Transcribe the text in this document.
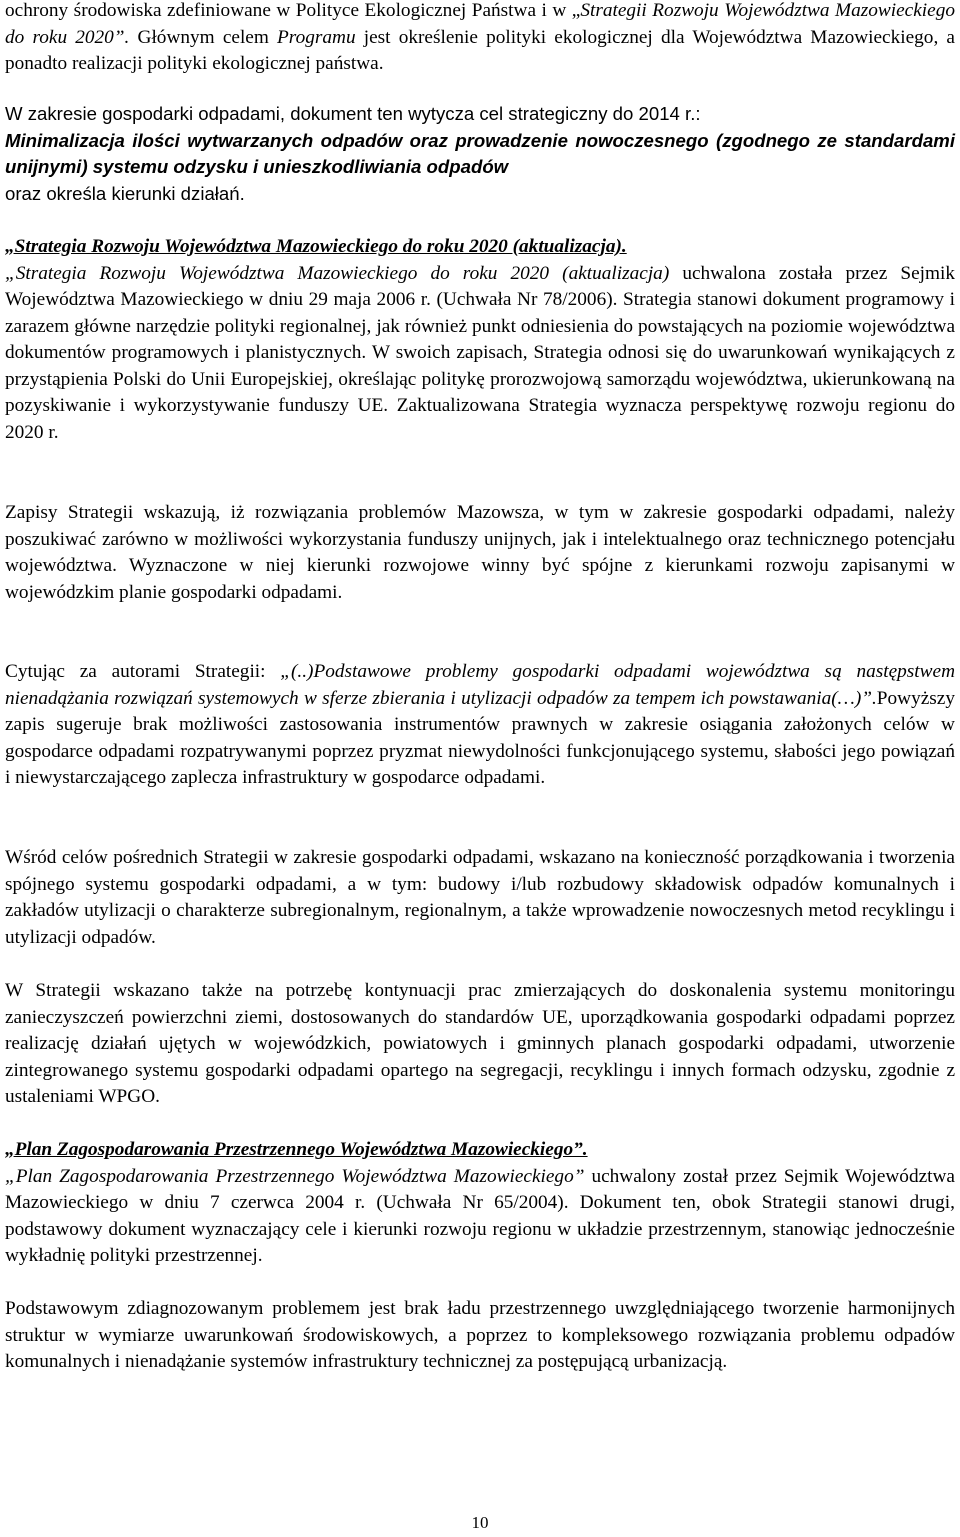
ochrony środowiska zdefiniowane w Polityce Ekologicznej Państwa i w „Strategii Rozwoju Województwa Mazowieckiego do roku 2020”. Głównym celem Programu jest określenie polityki ekologicznej dla Województwa Mazowieckiego, a ponadto realizacji polityki ekologicznej państwa.

W zakresie gospodarki odpadami, dokument ten wytycza cel strategiczny do 2014 r.:

Minimalizacja ilości wytwarzanych odpadów oraz prowadzenie nowoczesnego (zgodnego ze standardami unijnymi) systemu odzysku i unieszkodliwiania odpadów

oraz określa kierunki działań.

„Strategia Rozwoju Województwa Mazowieckiego do roku 2020 (aktualizacja).

„Strategia Rozwoju Województwa Mazowieckiego do roku 2020 (aktualizacja) uchwalona została przez Sejmik Województwa Mazowieckiego w dniu 29 maja 2006 r. (Uchwała Nr 78/2006). Strategia stanowi dokument programowy i zarazem główne narzędzie polityki regionalnej, jak również punkt odniesienia do powstających na poziomie województwa dokumentów programowych i planistycznych. W swoich zapisach, Strategia odnosi się do uwarunkowań wynikających z przystąpienia Polski do Unii Europejskiej, określając politykę prorozwojową samorządu województwa, ukierunkowaną na pozyskiwanie i wykorzystywanie funduszy UE. Zaktualizowana Strategia wyznacza perspektywę rozwoju regionu do 2020 r.

Zapisy Strategii wskazują, iż rozwiązania problemów Mazowsza, w tym w zakresie gospodarki odpadami, należy poszukiwać zarówno w możliwości wykorzystania funduszy unijnych, jak i intelektualnego oraz technicznego potencjału województwa. Wyznaczone w niej kierunki rozwojowe winny być spójne z kierunkami rozwoju zapisanymi w wojewódzkim planie gospodarki odpadami.

Cytując za autorami Strategii: „(..)Podstawowe problemy gospodarki odpadami województwa są następstwem nienadążania rozwiązań systemowych w sferze zbierania i utylizacji odpadów za tempem ich powstawania(…)”.Powyższy zapis sugeruje brak możliwości zastosowania instrumentów prawnych w zakresie osiągania założonych celów w gospodarce odpadami rozpatrywanymi poprzez pryzmat niewydolności funkcjonującego systemu, słabości jego powiązań i niewystarczającego zaplecza infrastruktury w gospodarce odpadami.

Wśród celów pośrednich Strategii w zakresie gospodarki odpadami, wskazano na konieczność porządkowania i tworzenia spójnego systemu gospodarki odpadami, a w tym: budowy i/lub rozbudowy składowisk odpadów komunalnych i zakładów utylizacji o charakterze subregionalnym, regionalnym, a także wprowadzenie nowoczesnych metod recyklingu i utylizacji odpadów.

W Strategii wskazano także na potrzebę kontynuacji prac zmierzających do doskonalenia systemu monitoringu zanieczyszczeń powierzchni ziemi, dostosowanych do standardów UE, uporządkowania gospodarki odpadami poprzez realizację działań ujętych w wojewódzkich, powiatowych i gminnych planach gospodarki odpadami, utworzenie zintegrowanego systemu gospodarki odpadami opartego na segregacji, recyklingu i innych formach odzysku, zgodnie z ustaleniami WPGO.

„Plan Zagospodarowania Przestrzennego Województwa Mazowieckiego”.

„Plan Zagospodarowania Przestrzennego Województwa Mazowieckiego” uchwalony został przez Sejmik Województwa Mazowieckiego w dniu 7 czerwca 2004 r. (Uchwała Nr 65/2004). Dokument ten, obok Strategii stanowi drugi, podstawowy dokument wyznaczający cele i kierunki rozwoju regionu w układzie przestrzennym, stanowiąc jednocześnie wykładnię polityki przestrzennej.

Podstawowym zdiagnozowanym problemem jest brak ładu przestrzennego uwzględniającego tworzenie harmonijnych struktur w wymiarze uwarunkowań środowiskowych, a poprzez to kompleksowego rozwiązania problemu odpadów komunalnych i nienadążanie systemów infrastruktury technicznej za postępującą urbanizacją.

10
